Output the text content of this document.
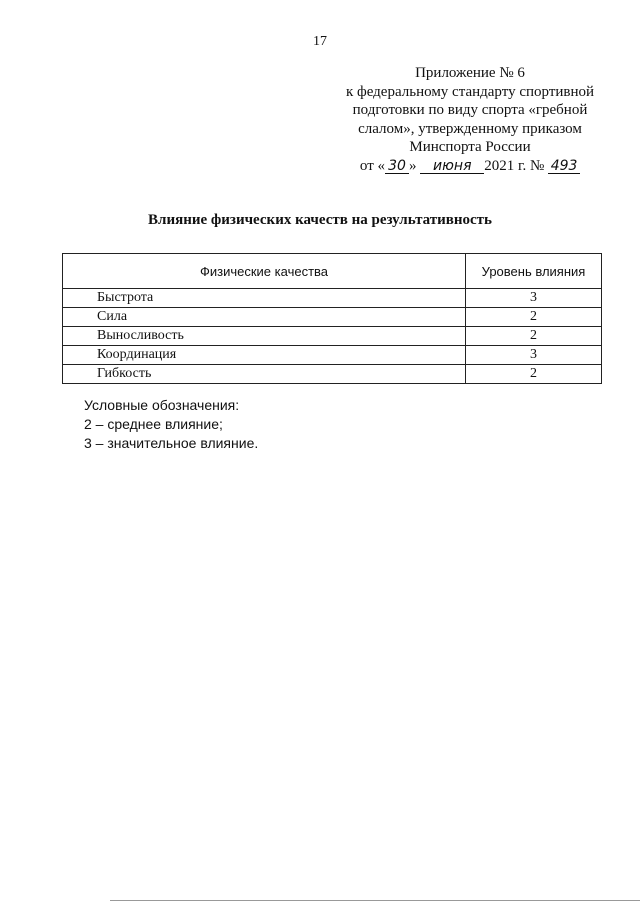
17
Приложение № 6
к федеральному стандарту спортивной
подготовки по виду спорта «гребной
слалом», утвержденному приказом
Минспорта России
от « 30 » июня 2021 г. № 493
Влияние физических качеств на результативность
Физические качества	Уровень влияния
Быстрота	3
Сила	2
Выносливость	2
Координация	3
Гибкость	2
Условные обозначения:
2 – среднее влияние;
3 – значительное влияние.
